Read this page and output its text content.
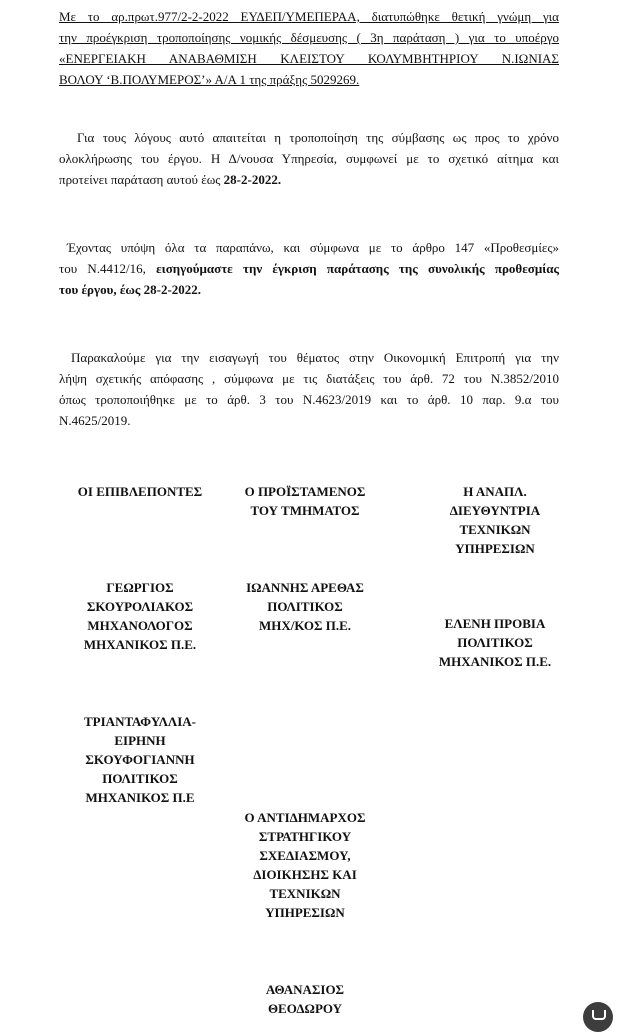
Με το αρ.πρωτ.977/2-2-2022 ΕΥΔΕΠ/ΥΜΕΠΕΡΑΑ, διατυπώθηκε θετική γνώμη για
την προέγκριση τροποποίησης νομικής δέσμευσης ( 3η παράταση ) για το υποέργο
«ΕΝΕΡΓΕΙΑΚΗ ΑΝΑΒΑΘΜΙΣΗ ΚΛΕΙΣΤΟΥ ΚΟΛΥΜΒΗΤΗΡΙΟΥ Ν.ΙΩΝΙΑΣ
ΒΟΛΟΥ ‘Β.ΠΟΛΥΜΕΡΟΣ’» Α/Α 1 της πράξης 5029269.
Για τους λόγους αυτό απαιτείται η τροποποίηση της σύμβασης ως προς το χρόνο
ολοκλήρωσης του έργου. Η Δ/νουσα Υπηρεσία, συμφωνεί με το σχετικό αίτημα και
προτείνει παράταση αυτού έως 28-2-2022.
Έχοντας υπόψη όλα τα παραπάνω, και σύμφωνα με το άρθρο 147 «Προθεσμίες»
του Ν.4412/16, εισηγούμαστε την έγκριση παράτασης της συνολικής προθεσμίας
του έργου, έως 28-2-2022.
Παρακαλούμε για την εισαγωγή του θέματος στην Οικονομική Επιτροπή για την
λήψη σχετικής απόφασης , σύμφωνα με τις διατάξεις του άρθ. 72 του Ν.3852/2010
όπως τροποποιήθηκε με το άρθ. 3 του Ν.4623/2019 και το άρθ. 10 παρ. 9.α του
Ν.4625/2019.
ΟΙ ΕΠΙΒΛΕΠΟΝΤΕΣ	Ο ΠΡΟΪΣΤΑΜΕΝΟΣ
ΤΟΥ ΤΜΗΜΑΤΟΣ
Η ΑΝΑΠΛ.
ΔΙΕΥΘΥΝΤΡΙΑ
ΤΕΧΝΙΚΩΝ
ΥΠΗΡΕΣΙΩΝ
ΓΕΩΡΓΙΟΣ
ΣΚΟΥΡΟΛΙΑΚΟΣ
ΜΗΧΑΝΟΛΟΓΟΣ
ΜΗΧΑΝΙΚΟΣ Π.Ε.
ΙΩΑΝΝΗΣ ΑΡΕΘΑΣ
ΠΟΛΙΤΙΚΟΣ
ΜΗΧ/ΚΟΣ Π.Ε.	ΕΛΕΝΗ ΠΡΟΒΙΑ
ΠΟΛΙΤΙΚΟΣ
ΜΗΧΑΝΙΚΟΣ Π.Ε.
ΤΡΙΑΝΤΑΦΥΛΛΙΑ-
ΕΙΡΗΝΗ
ΣΚΟΥΦΟΓΙΑΝΝΗ
ΠΟΛΙΤΙΚΟΣ
ΜΗΧΑΝΙΚΟΣ Π.Ε
Ο ΑΝΤΙΔΗΜΑΡΧΟΣ
ΣΤΡΑΤΗΓΙΚΟΥ
ΣΧΕΔΙΑΣΜΟΥ,
ΔΙΟΙΚΗΣΗΣ ΚΑΙ
ΤΕΧΝΙΚΩΝ
ΥΠΗΡΕΣΙΩΝ
ΑΘΑΝΑΣΙΟΣ
ΘΕΟΔΩΡΟΥ
